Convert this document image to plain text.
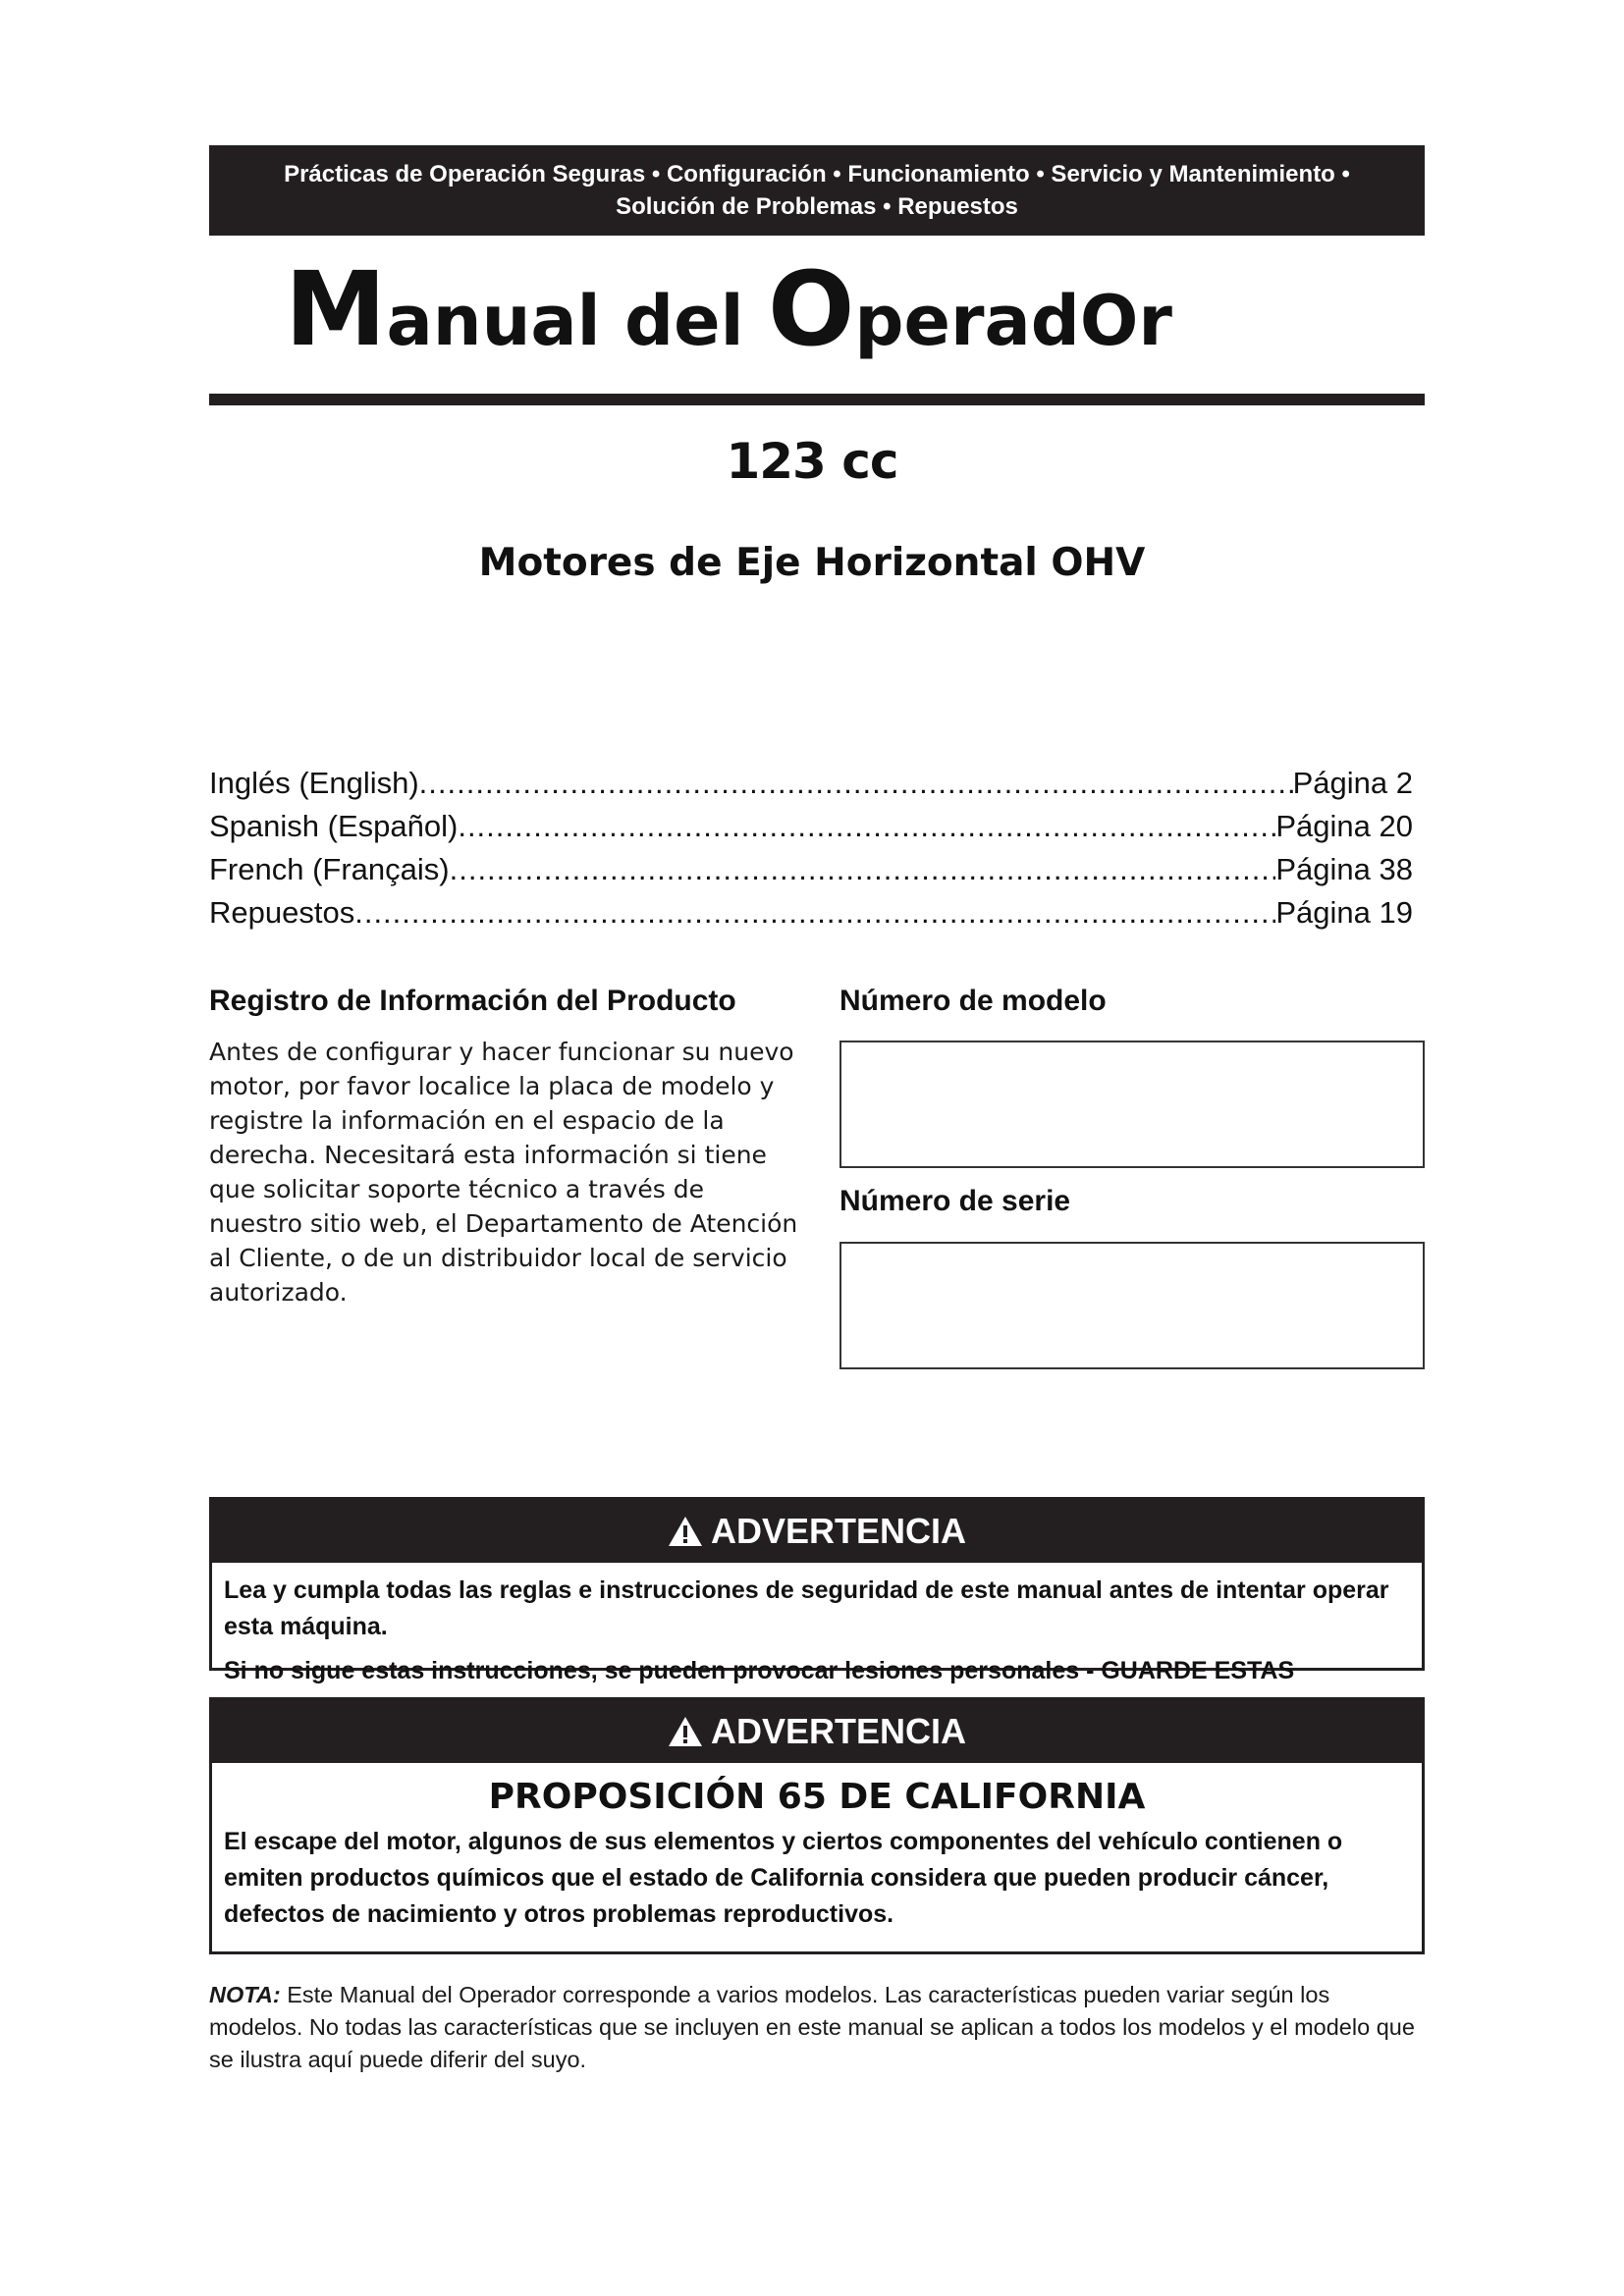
Prácticas de Operación Seguras • Configuración • Funcionamiento • Servicio y Mantenimiento •
Solución de Problemas • Repuestos
Manual del OperadOr
123 cc
Motores de Eje Horizontal OHV
Inglés (English) .....	Página 2
Spanish (Español) .....	Página 20
French (Français) .....	Página 38
Repuestos .....	Página 19
Registro de Información del Producto
Antes de configurar y hacer funcionar su nuevo motor, por favor localice la placa de modelo y registre la información en el espacio de la derecha. Necesitará esta información si tiene que solicitar soporte técnico a través de nuestro sitio web, el Departamento de Atención al Cliente, o de un distribuidor local de servicio autorizado.
Número de modelo
Número de serie
ADVERTENCIA
Lea y cumpla todas las reglas e instrucciones de seguridad de este manual antes de intentar operar esta máquina.
Si no sigue estas instrucciones, se pueden provocar lesiones personales - GUARDE ESTAS
ADVERTENCIA
PROPOSICIÓN 65 DE CALIFORNIA
El escape del motor, algunos de sus elementos y ciertos componentes del vehículo contienen o emiten productos químicos que el estado de California considera que pueden producir cáncer, defectos de nacimiento y otros problemas reproductivos.
NOTA: Este Manual del Operador corresponde a varios modelos. Las características pueden variar según los modelos. No todas las características que se incluyen en este manual se aplican a todos los modelos y el modelo que se ilustra aquí puede diferir del suyo.
